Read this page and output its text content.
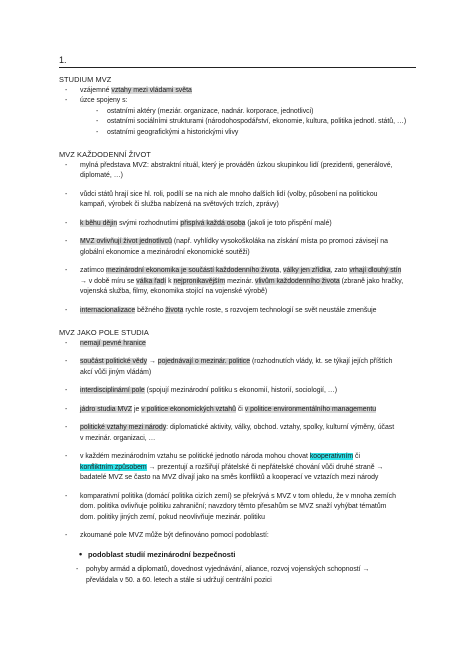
1.
STUDIUM MVZ
- vzájemné vztahy mezi vládami světa
- úzce spojeny s:
- ostatními aktéry (meziár. organizace, nadnár. korporace, jednotlivci)
- ostatními sociálními strukturami (národohospodářství, ekonomie, kultura, politika jednotl. států, …)
- ostatními geografickými a historickými vlivy
MVZ KAŽDODENNÍ ŽIVOT
- mylná představa MVZ: abstraktní rituál, který je prováděn úzkou skupinkou lidí (prezidenti, generálové,
diplomaté, …)
- vůdci států hrají sice hl. roli, podílí se na nich ale mnoho dalších lidí (volby, působení na politickou
kampaň, výrobek či služba nabízená na světových trzích, zprávy)
- k běhu dějin svými rozhodnutími přispívá každá osoba (jakoli je toto přispění malé)
- MVZ ovlivňují život jednotlivců (např. vyhlídky vysokoškoláka na získání místa po promoci závisejí na
globální ekonomice a mezinárodní ekonomické soutěži)
- zatímco mezinárodní ekonomika je součástí každodenního života, války jen zřídka, zato vrhají dlouhý stín
→ v době míru se válka řadí k nejpronikavějším mezinár. vlivům každodenního života (zbraně jako hračky,
vojenská služba, filmy, ekonomika stojící na vojenské výrobě)
- internacionalizace běžného života rychle roste, s rozvojem technologií se svět neustále zmenšuje
MVZ JAKO POLE STUDIA
- nemají pevné hranice
- součást politické vědy → pojednávají o mezinár. politice (rozhodnutích vlády, kt. se týkají jejích příštích
akcí vůči jiným vládám)
- interdisciplinární pole (spojují mezinárodní politiku s ekonomií, historií, sociologií, …)
- jádro studia MVZ je v politice ekonomických vztahů či v politice environmentálního managementu
- politické vztahy mezi národy: diplomatické aktivity, války, obchod. vztahy, spolky, kulturní výměny, účast
v mezinár. organizaci, …
- v každém mezinárodním vztahu se politické jednotlo národa mohou chovat kooperativním či
konfliktním způsobem → prezentují a rozšiřují přátelské či nepřátelské chování vůči druhé straně →
badatelé MVZ se často na MVZ dívají jako na směs konfliktů a kooperací ve vztazích mezi národy
- komparativní politika (domácí politika cizích zemí) se překrývá s MVZ v tom ohledu, že v mnoha zemích
dom. politika ovlivňuje politiku zahraniční; navzdory těmto přesahům se MVZ snaží vyhýbat tématům
dom. politiky jiných zemí, pokud neovlivňuje mezinár. politiku
- zkoumané pole MVZ může být definováno pomocí podoblastí:
• podoblast studií mezinárodní bezpečnosti
- pohyby armád a diplomatů, dovednost vyjednávání, aliance, rozvoj vojenských schopností →
převládala v 50. a 60. letech a stále si udržují centrální pozici
